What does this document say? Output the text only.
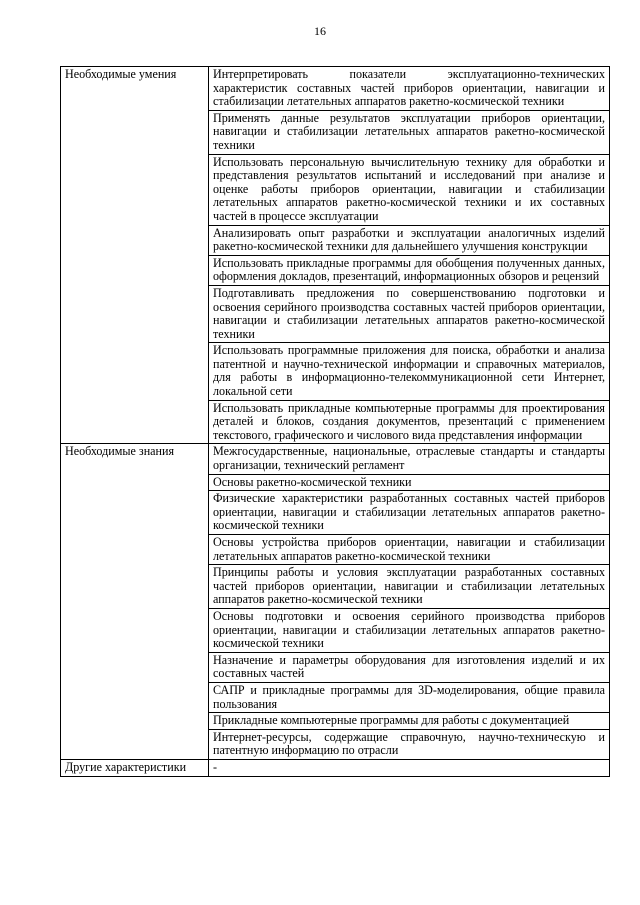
16
Необходимые умения	Интерпретировать показатели эксплуатационно-технических характеристик составных частей приборов ориентации, навигации и стабилизации летательных аппаратов ракетно-космической техники
	Применять данные результатов эксплуатации приборов ориентации, навигации и стабилизации летательных аппаратов ракетно-космической техники
	Использовать персональную вычислительную технику для обработки и представления результатов испытаний и исследований при анализе и оценке работы приборов ориентации, навигации и стабилизации летательных аппаратов ракетно-космической техники и их составных частей в процессе эксплуатации
	Анализировать опыт разработки и эксплуатации аналогичных изделий ракетно-космической техники для дальнейшего улучшения конструкции
	Использовать прикладные программы для обобщения полученных данных, оформления докладов, презентаций, информационных обзоров и рецензий
	Подготавливать предложения по совершенствованию подготовки и освоения серийного производства составных частей приборов ориентации, навигации и стабилизации летательных аппаратов ракетно-космической техники
	Использовать программные приложения для поиска, обработки и анализа патентной и научно-технической информации и справочных материалов, для работы в информационно-телекоммуникационной сети Интернет, локальной сети
	Использовать прикладные компьютерные программы для проектирования деталей и блоков, создания документов, презентаций с применением текстового, графического и числового вида представления информации
Необходимые знания	Межгосударственные, национальные, отраслевые стандарты и стандарты организации, технический регламент
	Основы ракетно-космической техники
	Физические характеристики разработанных составных частей приборов ориентации, навигации и стабилизации летательных аппаратов ракетно-космической техники
	Основы устройства приборов ориентации, навигации и стабилизации летательных аппаратов ракетно-космической техники
	Принципы работы и условия эксплуатации разработанных составных частей приборов ориентации, навигации и стабилизации летательных аппаратов ракетно-космической техники
	Основы подготовки и освоения серийного производства приборов ориентации, навигации и стабилизации летательных аппаратов ракетно-космической техники
	Назначение и параметры оборудования для изготовления изделий и их составных частей
	САПР и прикладные программы для 3D-моделирования, общие правила пользования
	Прикладные компьютерные программы для работы с документацией
	Интернет-ресурсы, содержащие справочную, научно-техническую и патентную информацию по отрасли
Другие характеристики	-
